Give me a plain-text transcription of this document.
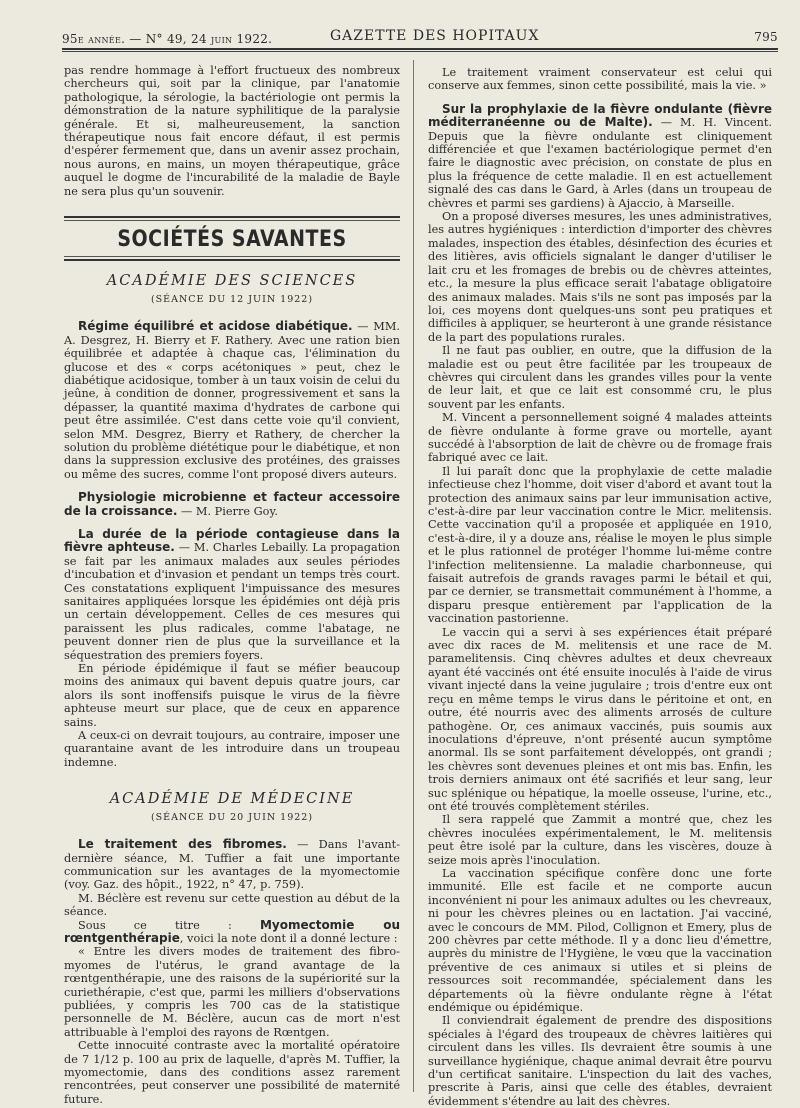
95e année. — N° 49, 24 juin 1922.	GAZETTE DES HOPITAUX	795

pas rendre hommage à l'effort fructueux des nombreux chercheurs qui, soit par la clinique, par l'anatomie pathologique, la sérologie, la bactériologie ont permis la démonstration de la nature syphilitique de la paralysie générale. Et si, malheureusement, la sanction thérapeutique nous fait encore défaut, il est permis d'espérer fermement que, dans un avenir assez prochain, nous aurons, en mains, un moyen thérapeutique, grâce auquel le dogme de l'incurabilité de la maladie de Bayle ne sera plus qu'un souvenir.

SOCIÉTÉS SAVANTES
ACADÉMIE DES SCIENCES
(SÉANCE DU 12 JUIN 1922)

Régime équilibré et acidose diabétique. — MM. A. Desgrez, H. Bierry et F. Rathery. Avec une ration bien équilibrée et adaptée à chaque cas, l'élimination du glucose et des « corps acétoniques » peut, chez le diabétique acidosique, tomber à un taux voisin de celui du jeûne, à condition de donner, progressivement et sans la dépasser, la quantité maxima d'hydrates de carbone qui peut être assimilée. C'est dans cette voie qu'il convient, selon MM. Desgrez, Bierry et Rathery, de chercher la solution du problème diététique pour le diabétique, et non dans la suppression exclusive des protéines, des graisses ou même des sucres, comme l'ont proposé divers auteurs.

Physiologie microbienne et facteur accessoire de la croissance. — M. Pierre Goy.

La durée de la période contagieuse dans la fièvre aphteuse. — M. Charles Lebailly. La propagation se fait par les animaux malades aux seules périodes d'incubation et d'invasion et pendant un temps très court. Ces constatations expliquent l'impuissance des mesures sanitaires appliquées lorsque les épidémies ont déjà pris un certain développement. Celles de ces mesures qui paraissent les plus radicales, comme l'abatage, ne peuvent donner rien de plus que la surveillance et la séquestration des premiers foyers.

En période épidémique il faut se méfier beaucoup moins des animaux qui bavent depuis quatre jours, car alors ils sont inoffensifs puisque le virus de la fièvre aphteuse meurt sur place, que de ceux en apparence sains.

A ceux-ci on devrait toujours, au contraire, imposer une quarantaine avant de les introduire dans un troupeau indemne.

ACADÉMIE DE MÉDECINE
(SÉANCE DU 20 JUIN 1922)

Le traitement des fibromes. — Dans l'avant-dernière séance, M. Tuffier a fait une importante communication sur les avantages de la myomectomie (voy. Gaz. des hôpit., 1922, n° 47, p. 759).

M. Béclère est revenu sur cette question au début de la séance.

Sous ce titre : Myomectomie ou rœntgenthérapie, voici la note dont il a donné lecture :

« Entre les divers modes de traitement des fibro-myomes de l'utérus, le grand avantage de la rœntgenthérapie, une des raisons de la supériorité sur la curiethérapie, c'est que, parmi les milliers d'observations publiées, y compris les 700 cas de la statistique personnelle de M. Béclère, aucun cas de mort n'est attribuable à l'emploi des rayons de Rœntgen.

Cette innocuité contraste avec la mortalité opératoire de 7 1/12 p. 100 au prix de laquelle, d'après M. Tuffier, la myomectomie, dans des conditions assez rarement rencontrées, peut conserver une possibilité de maternité future.

Le traitement vraiment conservateur est celui qui conserve aux femmes, sinon cette possibilité, mais la vie. »

Sur la prophylaxie de la fièvre ondulante (fièvre méditerranéenne ou de Malte). — M. H. Vincent. Depuis que la fièvre ondulante est cliniquement différenciée et que l'examen bactériologique permet d'en faire le diagnostic avec précision, on constate de plus en plus la fréquence de cette maladie. Il en est actuellement signalé des cas dans le Gard, à Arles (dans un troupeau de chèvres et parmi ses gardiens) à Ajaccio, à Marseille.

On a proposé diverses mesures, les unes administratives, les autres hygiéniques : interdiction d'importer des chèvres malades, inspection des étables, désinfection des écuries et des litières, avis officiels signalant le danger d'utiliser le lait cru et les fromages de brebis ou de chèvres atteintes, etc., la mesure la plus efficace serait l'abatage obligatoire des animaux malades. Mais s'ils ne sont pas imposés par la loi, ces moyens dont quelques-uns sont peu pratiques et difficiles à appliquer, se heurteront à une grande résistance de la part des populations rurales.

Il ne faut pas oublier, en outre, que la diffusion de la maladie est ou peut être facilitée par les troupeaux de chèvres qui circulent dans les grandes villes pour la vente de leur lait, et que ce lait est consommé cru, le plus souvent par les enfants.

M. Vincent a personnellement soigné 4 malades atteints de fièvre ondulante à forme grave ou mortelle, ayant succédé à l'absorption de lait de chèvre ou de fromage frais fabriqué avec ce lait.

Il lui paraît donc que la prophylaxie de cette maladie infectieuse chez l'homme, doit viser d'abord et avant tout la protection des animaux sains par leur immunisation active, c'est-à-dire par leur vaccination contre le Micr. melitensis. Cette vaccination qu'il a proposée et appliquée en 1910, c'est-à-dire, il y a douze ans, réalise le moyen le plus simple et le plus rationnel de protéger l'homme lui-même contre l'infection melitensienne. La maladie charbonneuse, qui faisait autrefois de grands ravages parmi le bétail et qui, par ce dernier, se transmettait communément à l'homme, a disparu presque entièrement par l'application de la vaccination pastorienne.

Le vaccin qui a servi à ses expériences était préparé avec dix races de M. melitensis et une race de M. paramelitensis. Cinq chèvres adultes et deux chevreaux ayant été vaccinés ont été ensuite inoculés à l'aide de virus vivant injecté dans la veine jugulaire ; trois d'entre eux ont reçu en même temps le virus dans le péritoine et ont, en outre, été nourris avec des aliments arrosés de culture pathogène. Or, ces animaux vaccinés, puis soumis aux inoculations d'épreuve, n'ont présenté aucun symptôme anormal. Ils se sont parfaitement développés, ont grandi ; les chèvres sont devenues pleines et ont mis bas. Enfin, les trois derniers animaux ont été sacrifiés et leur sang, leur suc splénique ou hépatique, la moelle osseuse, l'urine, etc., ont été trouvés complètement stériles.

Il sera rappelé que Zammit a montré que, chez les chèvres inoculées expérimentalement, le M. melitensis peut être isolé par la culture, dans les viscères, douze à seize mois après l'inoculation.

La vaccination spécifique confère donc une forte immunité. Elle est facile et ne comporte aucun inconvénient ni pour les animaux adultes ou les chevreaux, ni pour les chèvres pleines ou en lactation. J'ai vacciné, avec le concours de MM. Pilod, Collignon et Emery, plus de 200 chèvres par cette méthode. Il y a donc lieu d'émettre, auprès du ministre de l'Hygiène, le vœu que la vaccination préventive de ces animaux si utiles et si pleins de ressources soit recommandée, spécialement dans les départements où la fièvre ondulante règne à l'état endémique ou épidémique.

Il conviendrait également de prendre des dispositions spéciales à l'égard des troupeaux de chèvres laitières qui circulent dans les villes. Ils devraient être soumis à une surveillance hygiénique, chaque animal devrait être pourvu d'un certificat sanitaire. L'inspection du lait des vaches, prescrite à Paris, ainsi que celle des étables, devraient évidemment s'étendre au lait des chèvres.
